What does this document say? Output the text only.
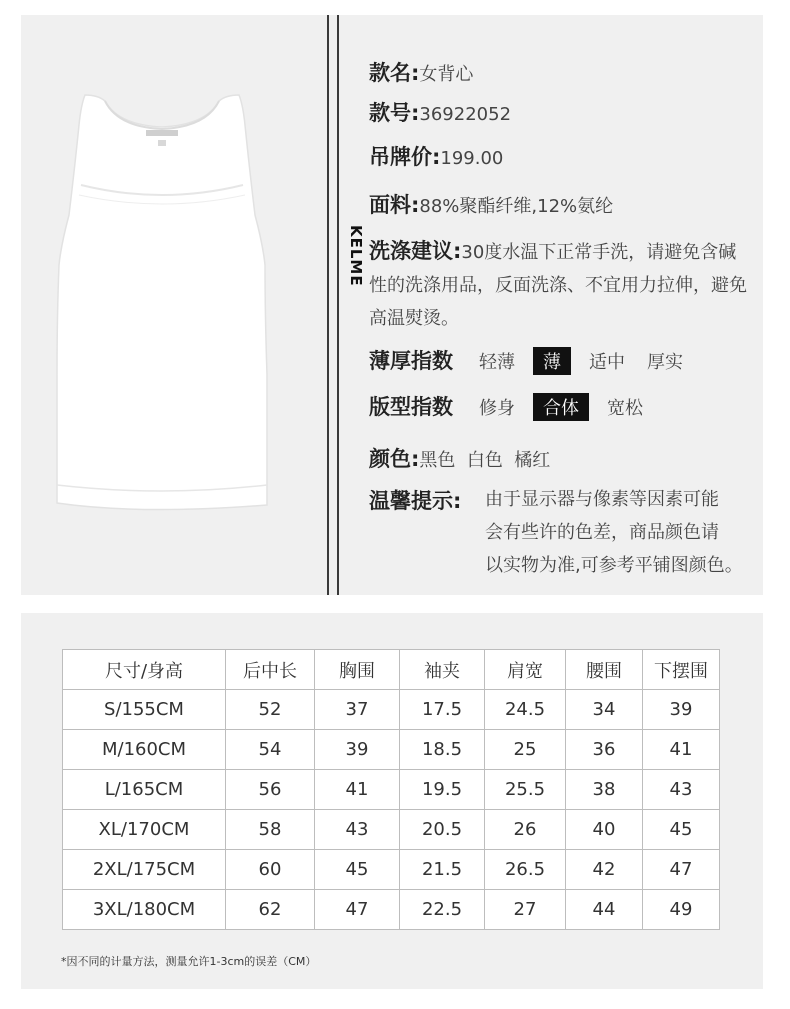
KELME
款名:女背心
款号:36922052
吊牌价:199.00
面料:88%聚酯纤维,12%氨纶
洗涤建议:30度水温下正常手洗，请避免含碱性的洗涤用品，反面洗涤、不宜用力拉伸，避免高温熨烫。
薄厚指数 轻薄 薄 适中 厚实
版型指数 修身 合体 宽松
颜色:黑色  白色  橘红
温馨提示: 由于显示器与像素等因素可能
会有些许的色差，商品颜色请
以实物为准,可参考平铺图颜色。
尺寸/身高	后中长	胸围	袖夹	肩宽	腰围	下摆围
S/155CM	52	37	17.5	24.5	34	39
M/160CM	54	39	18.5	25	36	41
L/165CM	56	41	19.5	25.5	38	43
XL/170CM	58	43	20.5	26	40	45
2XL/175CM	60	45	21.5	26.5	42	47
3XL/180CM	62	47	22.5	27	44	49
*因不同的计量方法，测量允许1-3cm的误差（CM）
